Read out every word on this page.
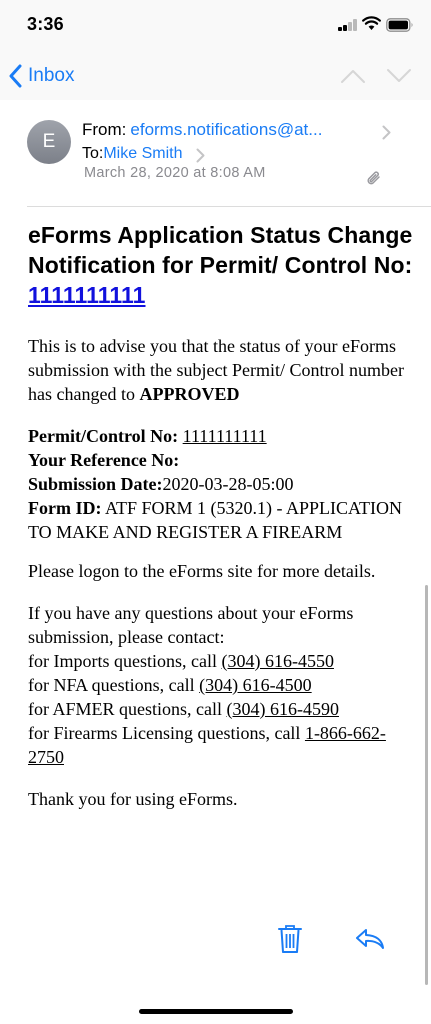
3:36
Inbox
E
From: eforms.notifications@at...
To:Mike Smith
March 28, 2020 at 8:08 AM
eForms Application Status Change Notification for Permit/ Control No: 1111111111
This is to advise you that the status of your eForms submission with the subject Permit/ Control number has changed to APPROVED
Permit/Control No: 1111111111
Your Reference No:
Submission Date:2020-03-28-05:00
Form ID: ATF FORM 1 (5320.1) - APPLICATION TO MAKE AND REGISTER A FIREARM
Please logon to the eForms site for more details.
If you have any questions about your eForms submission, please contact:
for Imports questions, call (304) 616-4550
for NFA questions, call (304) 616-4500
for AFMER questions, call (304) 616-4590
for Firearms Licensing questions, call 1-866-662-2750
Thank you for using eForms.
